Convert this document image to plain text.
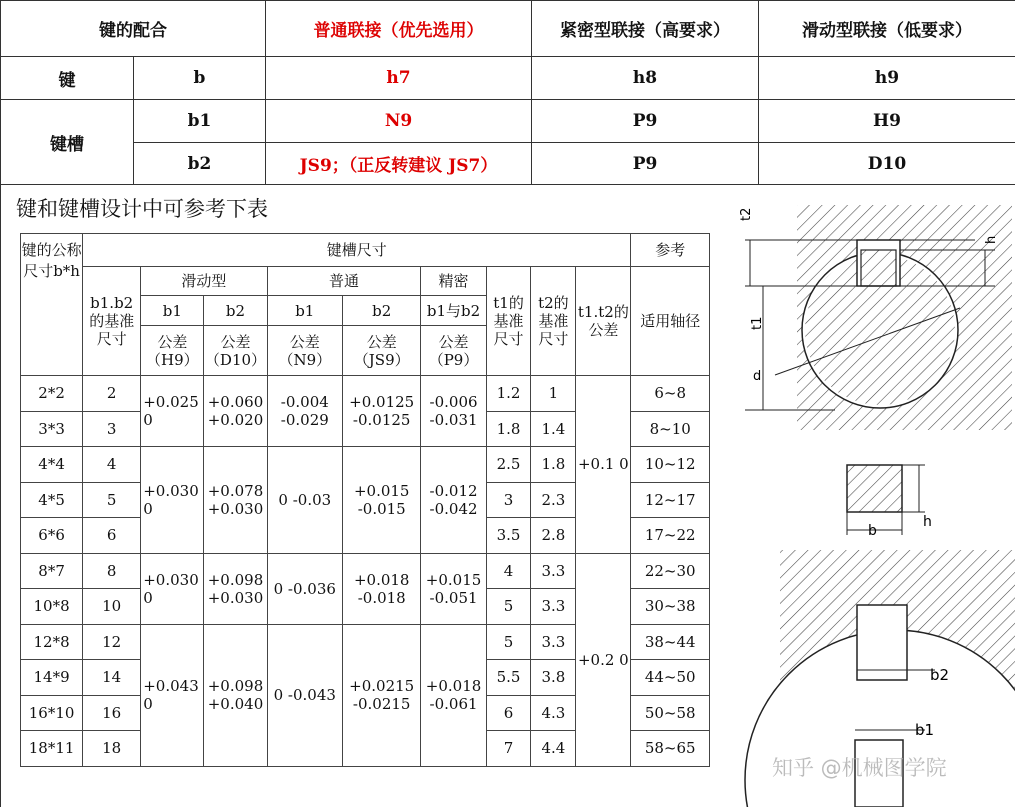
键的配合		普通联接（优先选用）	紧密型联接（高要求）	滑动型联接（低要求）
键	b	h7	h8	h9
键槽	b1	N9	P9	H9
	b2	JS9；（正反转建议 JS7）	P9	D10
键和键槽设计中可参考下表
键的公称尺寸b*h	键槽尺寸									参考
	b1.b2的基准尺寸	滑动型		普通		精密	t1的基准尺寸	t2的基准尺寸	t1.t2的公差	适用轴径
		b1	b2	b1	b2	b1与b2				
		公差（H9）	公差（D10）	公差（N9）	公差（JS9）	公差（P9）				
2*2	2	+0.025 0	+0.060 +0.020	-0.004 -0.029	+0.0125 -0.0125	-0.006 -0.031	1.2	1	+0.1 0	6~8
3*3	3						1.8	1.4		8~10
4*4	4	+0.030 0	+0.078 +0.030	0 -0.03	+0.015 -0.015	-0.012 -0.042	2.5	1.8		10~12
4*5	5						3	2.3		12~17
6*6	6						3.5	2.8		17~22
8*7	8	+0.030 0	+0.098 +0.030	0 -0.036	+0.018 -0.018	+0.015 -0.051	4	3.3	+0.2 0	22~30
10*8	10						5	3.3		30~38
12*8	12	+0.043 0	+0.098 +0.040	0 -0.043	+0.0215 -0.0215	+0.018 -0.061	5	3.3		38~44
14*9	14						5.5	3.8		44~50
16*10	16						6	4.3		50~58
18*11	18						7	4.4		58~65
t2
h
t1
d
b
h
b2
b1
知乎 @机械图学院
